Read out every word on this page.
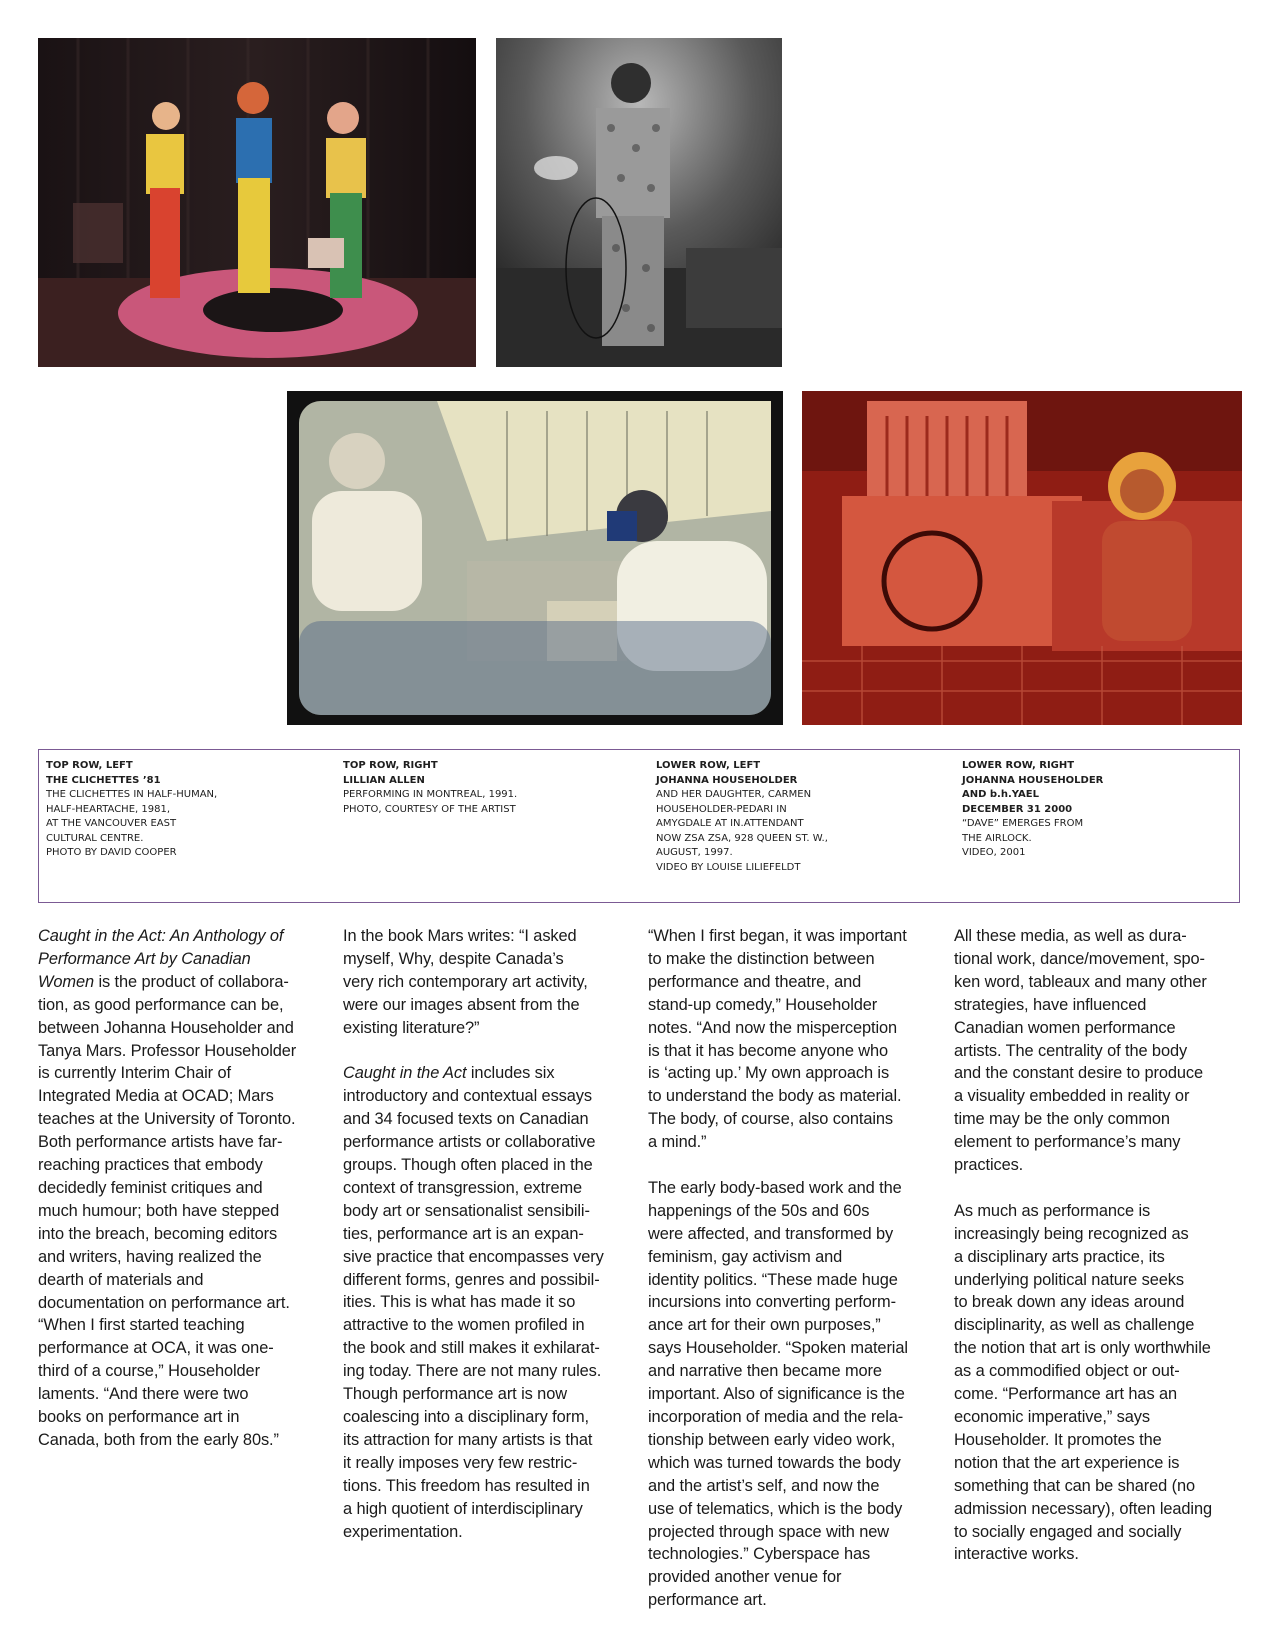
TOP ROW, LEFT
THE CLICHETTES ’81
THE CLICHETTES IN HALF-HUMAN,
HALF-HEARTACHE, 1981,
AT THE VANCOUVER EAST
CULTURAL CENTRE.
PHOTO BY DAVID COOPER
TOP ROW, RIGHT
LILLIAN ALLEN
PERFORMING IN MONTREAL, 1991.
PHOTO, COURTESY OF THE ARTIST
LOWER ROW, LEFT
JOHANNA HOUSEHOLDER
AND HER DAUGHTER, CARMEN
HOUSEHOLDER-PEDARI IN
AMYGDALE AT IN.ATTENDANT
NOW ZSA ZSA, 928 QUEEN ST. W.,
AUGUST, 1997.
VIDEO BY LOUISE LILIEFELDT
LOWER ROW, RIGHT
JOHANNA HOUSEHOLDER
AND b.h.YAEL
DECEMBER 31 2000
“DAVE” EMERGES FROM
THE AIRLOCK.
VIDEO, 2001

Caught in the Act: An Anthology of
Performance Art by Canadian
Women is the product of collabora-
tion, as good performance can be,
between Johanna Householder and
Tanya Mars. Professor Householder
is currently Interim Chair of
Integrated Media at OCAD; Mars
teaches at the University of Toronto.
Both performance artists have far-
reaching practices that embody
decidedly feminist critiques and
much humour; both have stepped
into the breach, becoming editors
and writers, having realized the
dearth of materials and
documentation on performance art.
“When I first started teaching
performance at OCA, it was one-
third of a course,” Householder
laments. “And there were two
books on performance art in
Canada, both from the early 80s.”

In the book Mars writes: “I asked
myself, Why, despite Canada’s
very rich contemporary art activity,
were our images absent from the
existing literature?”

Caught in the Act includes six
introductory and contextual essays
and 34 focused texts on Canadian
performance artists or collaborative
groups. Though often placed in the
context of transgression, extreme
body art or sensationalist sensibili-
ties, performance art is an expan-
sive practice that encompasses very
different forms, genres and possibil-
ities. This is what has made it so
attractive to the women profiled in
the book and still makes it exhilarat-
ing today. There are not many rules.
Though performance art is now
coalescing into a disciplinary form,
its attraction for many artists is that
it really imposes very few restric-
tions. This freedom has resulted in
a high quotient of interdisciplinary
experimentation.

“When I first began, it was important
to make the distinction between
performance and theatre, and
stand-up comedy,” Householder
notes. “And now the misperception
is that it has become anyone who
is ‘acting up.’ My own approach is
to understand the body as material.
The body, of course, also contains
a mind.”

The early body-based work and the
happenings of the 50s and 60s
were affected, and transformed by
feminism, gay activism and
identity politics. “These made huge
incursions into converting perform-
ance art for their own purposes,”
says Householder. “Spoken material
and narrative then became more
important. Also of significance is the
incorporation of media and the rela-
tionship between early video work,
which was turned towards the body
and the artist’s self, and now the
use of telematics, which is the body
projected through space with new
technologies.” Cyberspace has
provided another venue for
performance art.

All these media, as well as dura-
tional work, dance/movement, spo-
ken word, tableaux and many other
strategies, have influenced
Canadian women performance
artists. The centrality of the body
and the constant desire to produce
a visuality embedded in reality or
time may be the only common
element to performance’s many
practices.

As much as performance is
increasingly being recognized as
a disciplinary arts practice, its
underlying political nature seeks
to break down any ideas around
disciplinarity, as well as challenge
the notion that art is only worthwhile
as a commodified object or out-
come. “Performance art has an
economic imperative,” says
Householder. It promotes the
notion that the art experience is
something that can be shared (no
admission necessary), often leading
to socially engaged and socially
interactive works.
